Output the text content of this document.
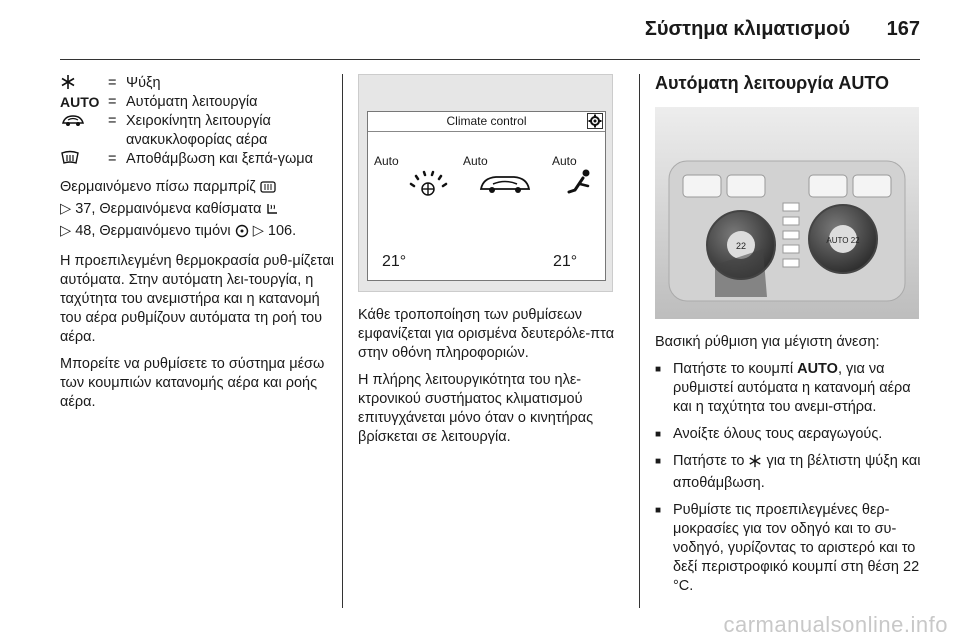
Σύστημα κλιματισμού 167
= Ψύξη
AUTO = Αυτόματη λειτουργία
= Χειροκίνητη λειτουργία ανακυκλοφορίας αέρα
= Αποθάμβωση και ξεπά-γωμα

Θερμαινόμενο πίσω παρμπρίζ
▷ 37, Θερμαινόμενα καθίσματα
▷ 48, Θερμαινόμενο τιμόνι ▷ 106.

Η προεπιλεγμένη θερμοκρασία ρυθ-μίζεται αυτόματα. Στην αυτόματη λει-τουργία, η ταχύτητα του ανεμιστήρα και η κατανομή του αέρα ρυθμίζουν αυτόματα τη ροή του αέρα.

Μπορείτε να ρυθμίσετε το σύστημα μέσω των κουμπιών κατανομής αέρα και ροής αέρα.

Climate control
Auto	Auto	Auto
21°	21°

Κάθε τροποποίηση των ρυθμίσεων εμφανίζεται για ορισμένα δευτερόλε-πτα στην οθόνη πληροφοριών.

Η πλήρης λειτουργικότητα του ηλε-κτρονικού συστήματος κλιματισμού επιτυγχάνεται μόνο όταν ο κινητήρας βρίσκεται σε λειτουργία.

Αυτόματη λειτουργία AUTO
22
AUTO 22

Βασική ρύθμιση για μέγιστη άνεση:

■ Πατήστε το κουμπί AUTO, για να ρυθμιστεί αυτόματα η κατανομή αέρα και η ταχύτητα του ανεμι-στήρα.
■ Ανοίξτε όλους τους αεραγωγούς.
■ Πατήστε το  για τη βέλτιστη ψύξη και αποθάμβωση.
■ Ρυθμίστε τις προεπιλεγμένες θερ-μοκρασίες για τον οδηγό και το συ-νοδηγό, γυρίζοντας το αριστερό και το δεξί περιστροφικό κουμπί στη θέση 22 °C.
carmanualsonline.info
